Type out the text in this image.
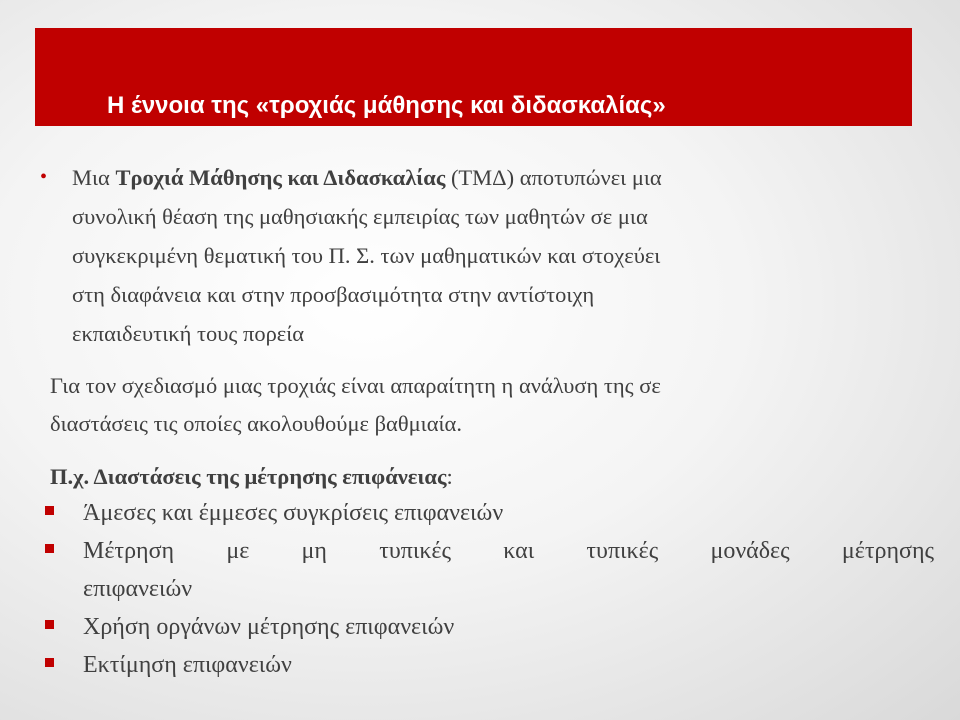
Η έννοια της «τροχιάς μάθησης και διδασκαλίας»
• Μια Τροχιά Μάθησης και Διδασκαλίας (ΤΜΔ) αποτυπώνει μια
συνολική θέαση της μαθησιακής εμπειρίας των μαθητών σε μια
συγκεκριμένη θεματική του Π. Σ. των μαθηματικών και στοχεύει
στη διαφάνεια και στην προσβασιμότητα στην αντίστοιχη
εκπαιδευτική τους πορεία
Για τον σχεδιασμό μιας τροχιάς είναι απαραίτητη η ανάλυση της σε
διαστάσεις τις οποίες ακολουθούμε βαθμιαία.
Π.χ. Διαστάσεις της μέτρησης επιφάνειας:
Άμεσες και έμμεσες συγκρίσεις επιφανειών
Μέτρηση με μη τυπικές και τυπικές μονάδες μέτρησης
επιφανειών
Χρήση οργάνων μέτρησης επιφανειών
Εκτίμηση επιφανειών
